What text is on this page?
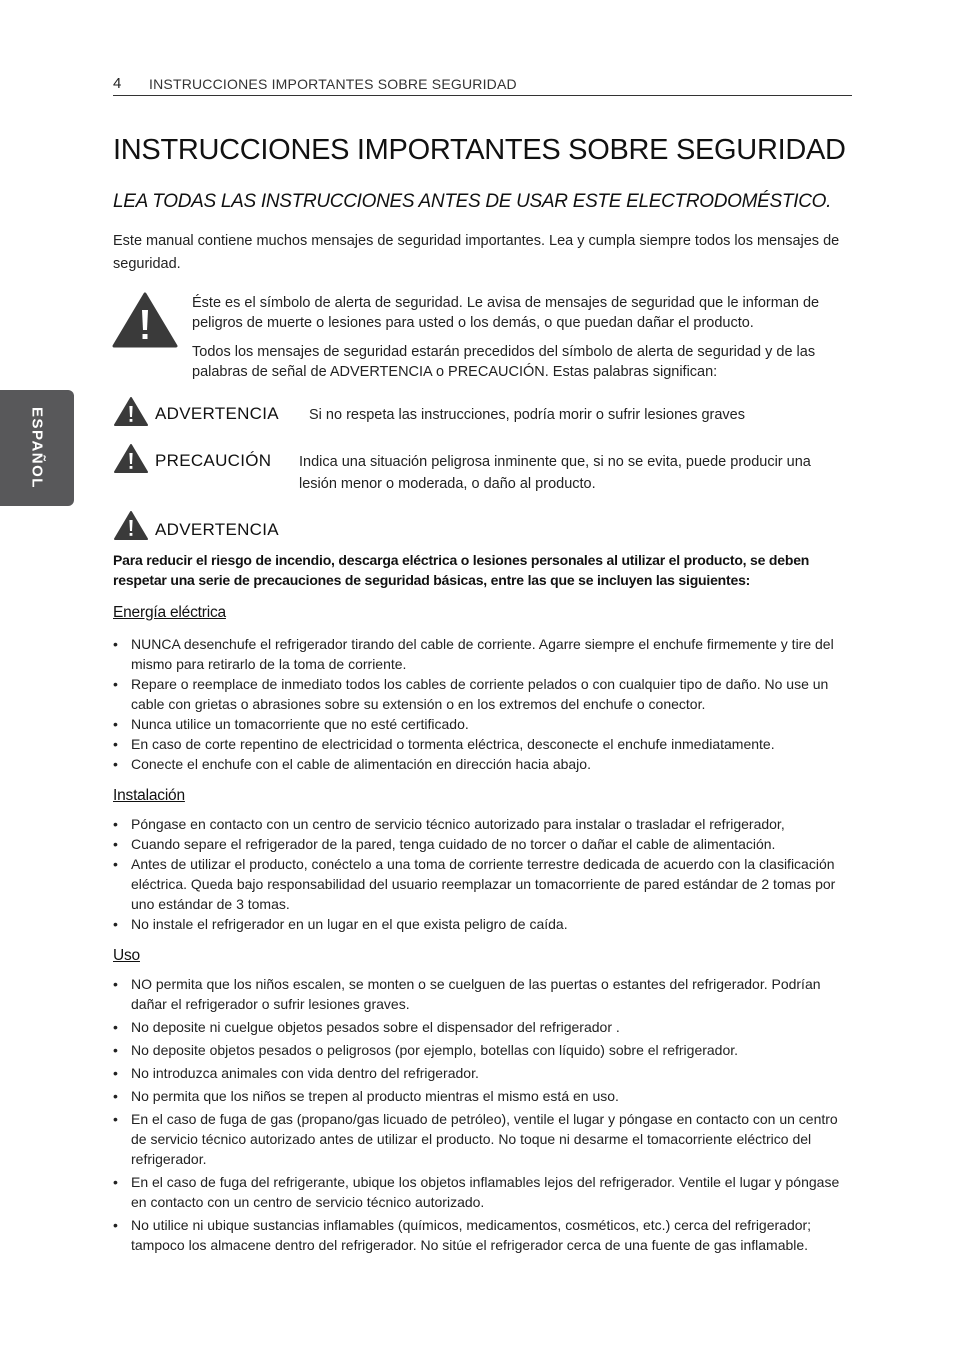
4 INSTRUCCIONES IMPORTANTES SOBRE SEGURIDAD
ESPAÑOL
INSTRUCCIONES IMPORTANTES SOBRE SEGURIDAD
LEA TODAS LAS INSTRUCCIONES ANTES DE USAR ESTE ELECTRODOMÉSTICO.
Este manual contiene muchos mensajes de seguridad importantes. Lea y cumpla siempre todos los mensajes de seguridad.
Éste es el símbolo de alerta de seguridad. Le avisa de mensajes de seguridad que le informan de peligros de muerte o lesiones para usted o los demás, o que puedan dañar el producto.
Todos los mensajes de seguridad estarán precedidos del símbolo de alerta de seguridad y de las palabras de señal de ADVERTENCIA o PRECAUCIÓN. Estas palabras significan:
ADVERTENCIA Si no respeta las instrucciones, podría morir o sufrir lesiones graves
PRECAUCIÓN Indica una situación peligrosa inminente que, si no se evita, puede producir una lesión menor o moderada, o daño al producto.
ADVERTENCIA
Para reducir el riesgo de incendio, descarga eléctrica o lesiones personales al utilizar el producto, se deben respetar una serie de precauciones de seguridad básicas, entre las que se incluyen las siguientes:
Energía eléctrica
• NUNCA desenchufe el refrigerador tirando del cable de corriente. Agarre siempre el enchufe firmemente y tire del mismo para retirarlo de la toma de corriente.
• Repare o reemplace de inmediato todos los cables de corriente pelados o con cualquier tipo de daño. No use un cable con grietas o abrasiones sobre su extensión o en los extremos del enchufe o conector.
• Nunca utilice un tomacorriente que no esté certificado.
• En caso de corte repentino de electricidad o tormenta eléctrica, desconecte el enchufe inmediatamente.
• Conecte el enchufe con el cable de alimentación en dirección hacia abajo.
Instalación
• Póngase en contacto con un centro de servicio técnico autorizado para instalar o trasladar el refrigerador,
• Cuando separe el refrigerador de la pared, tenga cuidado de no torcer o dañar el cable de alimentación.
• Antes de utilizar el producto, conéctelo a una toma de corriente terrestre dedicada de acuerdo con la clasificación eléctrica. Queda bajo responsabilidad del usuario reemplazar un tomacorriente de pared estándar de 2 tomas por uno estándar de 3 tomas.
• No instale el refrigerador en un lugar en el que exista peligro de caída.
Uso
• NO permita que los niños escalen, se monten o se cuelguen de las puertas o estantes del refrigerador. Podrían dañar el refrigerador o sufrir lesiones graves.
• No deposite ni cuelgue objetos pesados sobre el dispensador del refrigerador .
• No deposite objetos pesados o peligrosos (por ejemplo, botellas con líquido) sobre el refrigerador.
• No introduzca animales con vida dentro del refrigerador.
• No permita que los niños se trepen al producto mientras el mismo está en uso.
• En el caso de fuga de gas (propano/gas licuado de petróleo), ventile el lugar y póngase en contacto con un centro de servicio técnico autorizado antes de utilizar el producto. No toque ni desarme el tomacorriente eléctrico del refrigerador.
• En el caso de fuga del refrigerante, ubique los objetos inflamables lejos del refrigerador. Ventile el lugar y póngase en contacto con un centro de servicio técnico autorizado.
• No utilice ni ubique sustancias inflamables (químicos, medicamentos, cosméticos, etc.) cerca del refrigerador; tampoco los almacene dentro del refrigerador. No sitúe el refrigerador cerca de una fuente de gas inflamable.
